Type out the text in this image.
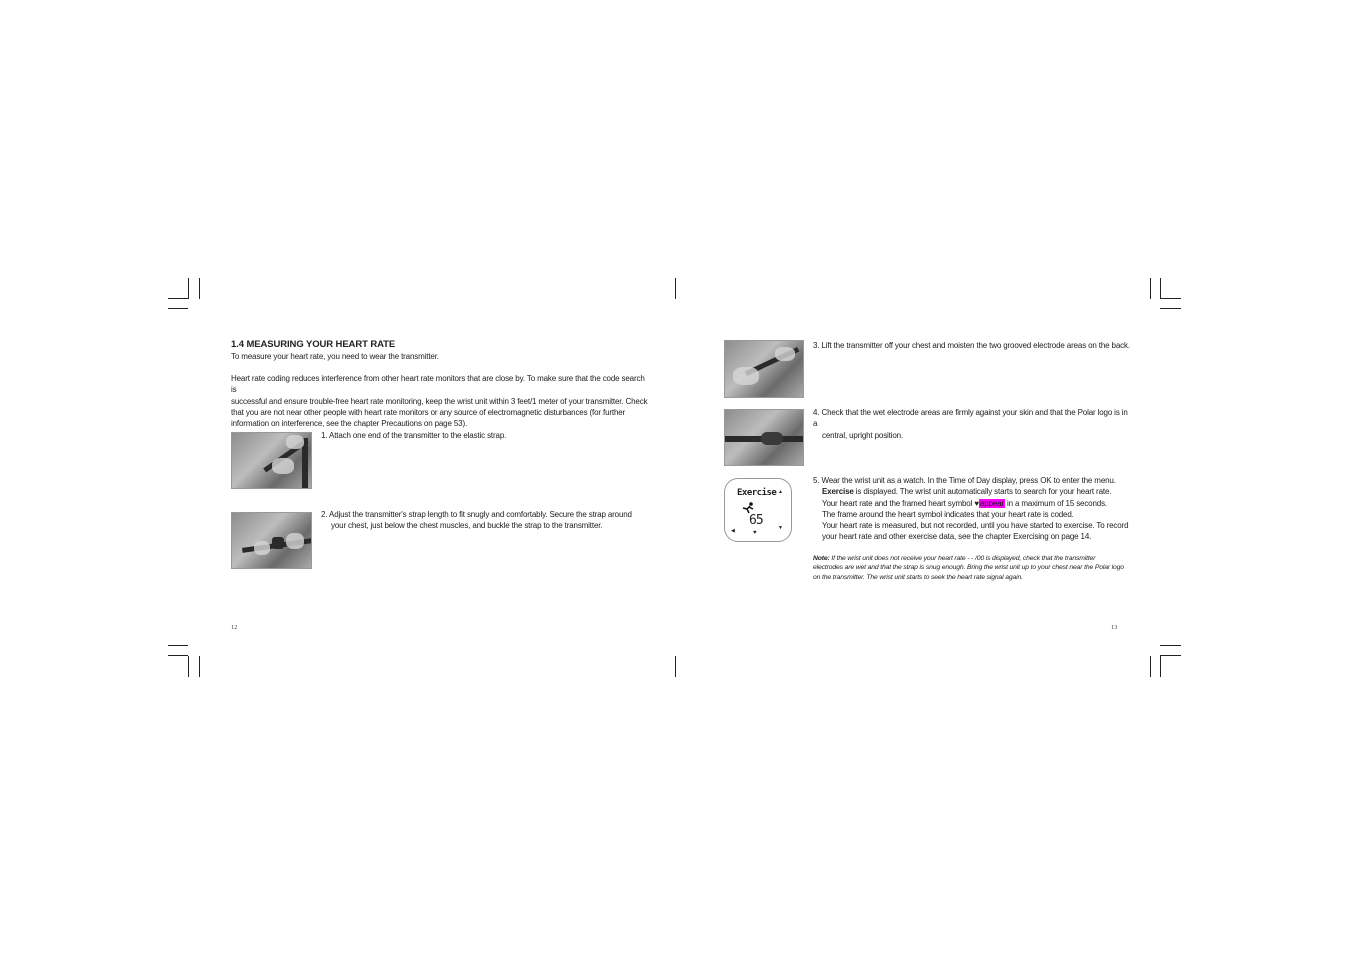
1.4 MEASURING YOUR HEART RATE
To measure your heart rate, you need to wear the transmitter.
Heart rate coding reduces interference from other heart rate monitors that are close by. To make sure that the code search is
successful and ensure trouble-free heart rate monitoring, keep the wrist unit within 3 feet/1 meter of your transmitter. Check
that you are not near other people with heart rate monitors or any source of electromagnetic disturbances (for further
information on interference, see the chapter Precautions on page 53).
1. Attach one end of the transmitter to the elastic strap.
2. Adjust the transmitter's strap length to fit snugly and comfortably. Secure the strap around
your chest, just below the chest muscles, and buckle the strap to the transmitter.
12
3. Lift the transmitter off your chest and moisten the two grooved electrode areas on the back.
4. Check that the wet electrode areas are firmly against your skin and that the Polar logo is in a
central, upright position.
Exercise
65
♥
▲
▼
◀
5. Wear the wrist unit as a watch. In the Time of Day display, press OK to enter the menu.
Exercise is displayed. The wrist unit automatically starts to search for your heart rate.
Your heart rate and the framed heart symbol ♥appear in a maximum of 15 seconds.
The frame around the heart symbol indicates that your heart rate is coded.
Your heart rate is measured, but not recorded, until you have started to exercise. To record
your heart rate and other exercise data, see the chapter Exercising on page 14.
Note: If the wrist unit does not receive your heart rate - - /00 is displayed, check that the transmitter
electrodes are wet and that the strap is snug enough. Bring the wrist unit up to your chest near the Polar logo
on the transmitter. The wrist unit starts to seek the heart rate signal again.
13
